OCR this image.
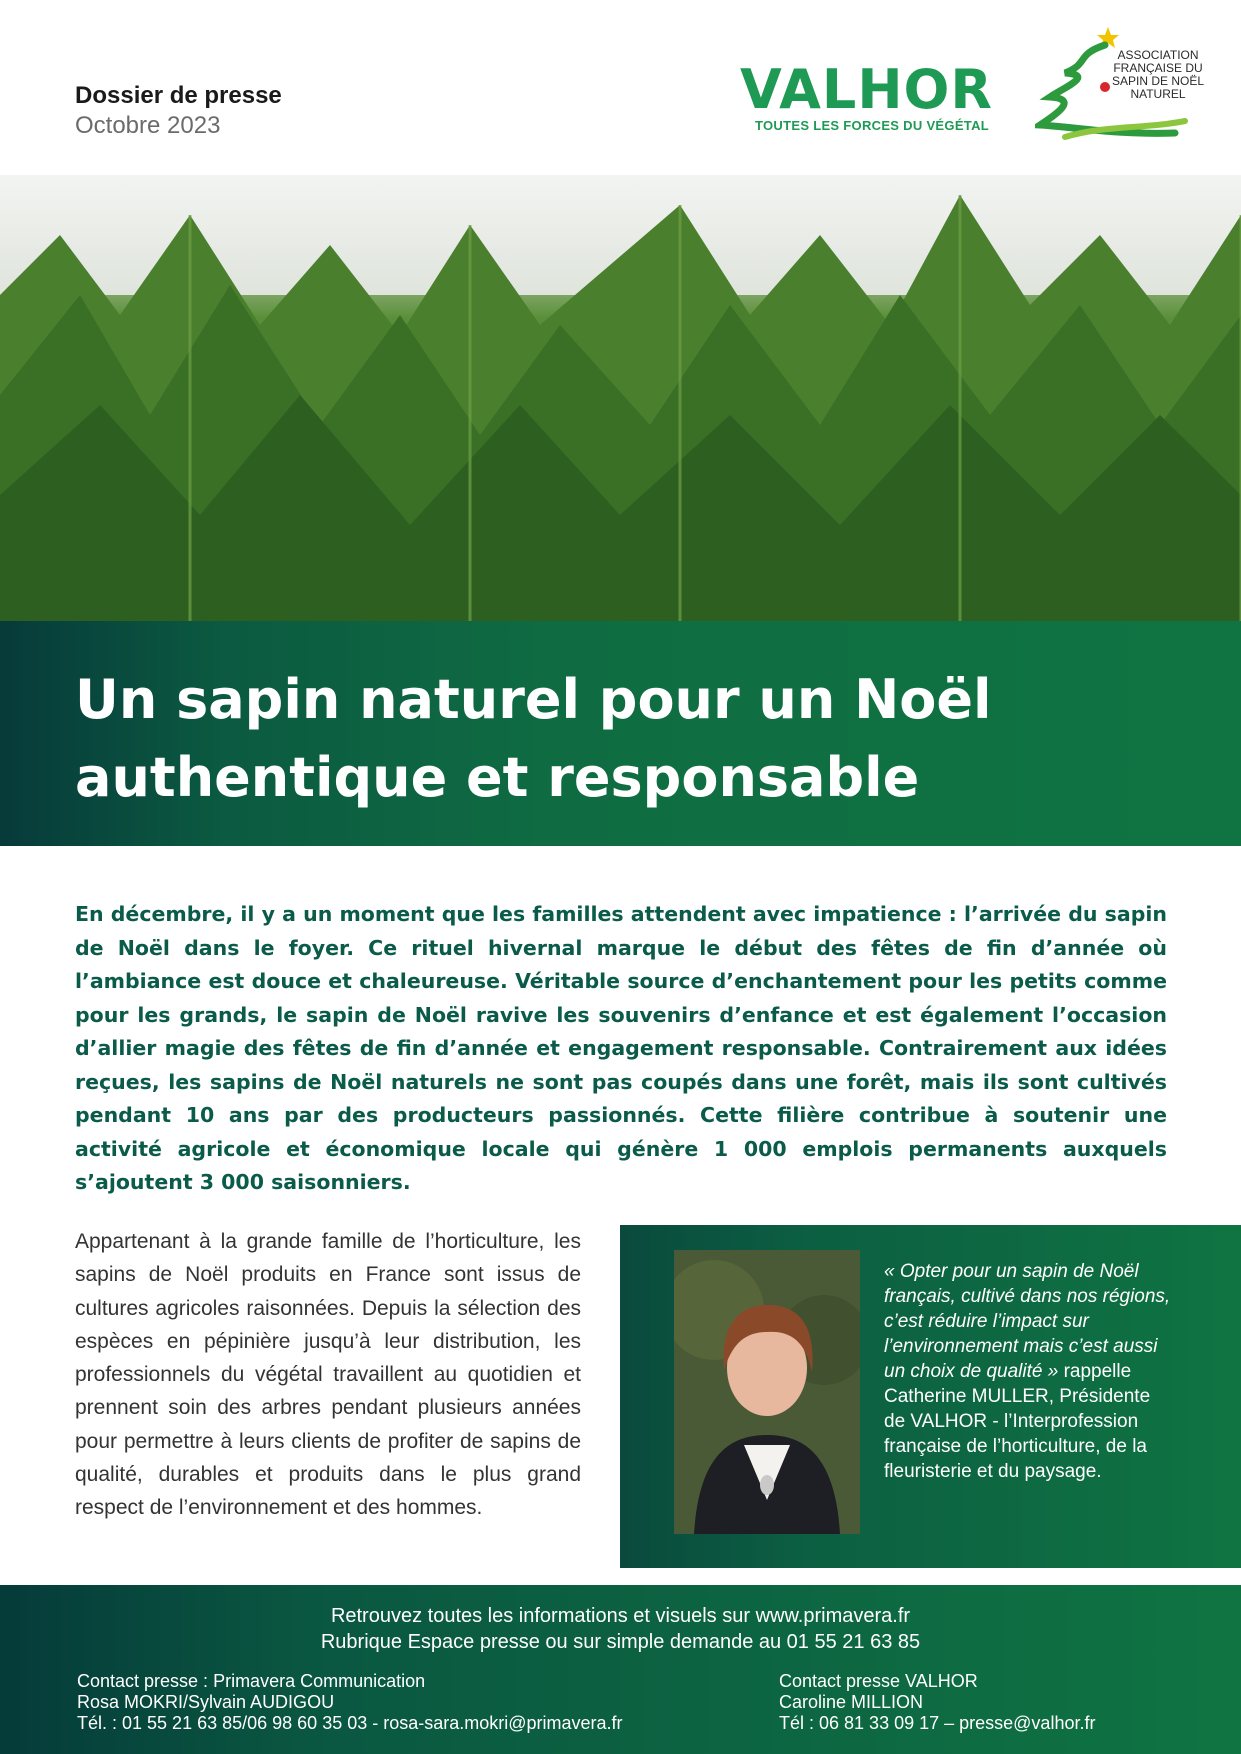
Dossier de presse
Octobre 2023
VALHOR
TOUTES LES FORCES DU VÉGÉTAL
ASSOCIATION FRANÇAISE DU SAPIN DE NOËL NATUREL
Un sapin naturel pour un Noël authentique et responsable

En décembre, il y a un moment que les familles attendent avec impatience : l’arrivée du sapin de Noël dans le foyer. Ce rituel hivernal marque le début des fêtes de fin d’année où l’ambiance est douce et chaleureuse. Véritable source d’enchantement pour les petits comme pour les grands, le sapin de Noël ravive les souvenirs d’enfance et est également l’occasion d’allier magie des fêtes de fin d’année et engagement responsable. Contrairement aux idées reçues, les sapins de Noël naturels ne sont pas coupés dans une forêt, mais ils sont cultivés pendant 10 ans par des producteurs passionnés. Cette filière contribue à soutenir une activité agricole et économique locale qui génère 1 000 emplois permanents auxquels s’ajoutent 3 000 saisonniers.

Appartenant à la grande famille de l’horticulture, les sapins de Noël produits en France sont issus de cultures agricoles raisonnées. Depuis la sélection des espèces en pépinière jusqu’à leur distribution, les professionnels du végétal travaillent au quotidien et prennent soin des arbres pendant plusieurs années pour permettre à leurs clients de profiter de sapins de qualité, durables et produits dans le plus grand respect de l’environnement et des hommes.

« Opter pour un sapin de Noël français, cultivé dans nos régions, c’est réduire l’impact sur l’environnement mais c’est aussi un choix de qualité » rappelle Catherine MULLER, Présidente de VALHOR - l’Interprofession française de l’horticulture, de la fleuristerie et du paysage.

Retrouvez toutes les informations et visuels sur www.primavera.fr
Rubrique Espace presse ou sur simple demande au 01 55 21 63 85
Contact presse : Primavera Communication
Rosa MOKRI/Sylvain AUDIGOU
Tél. : 01 55 21 63 85/06 98 60 35 03 - rosa-sara.mokri@primavera.fr
Contact presse VALHOR
Caroline MILLION
Tél : 06 81 33 09 17 – presse@valhor.fr
